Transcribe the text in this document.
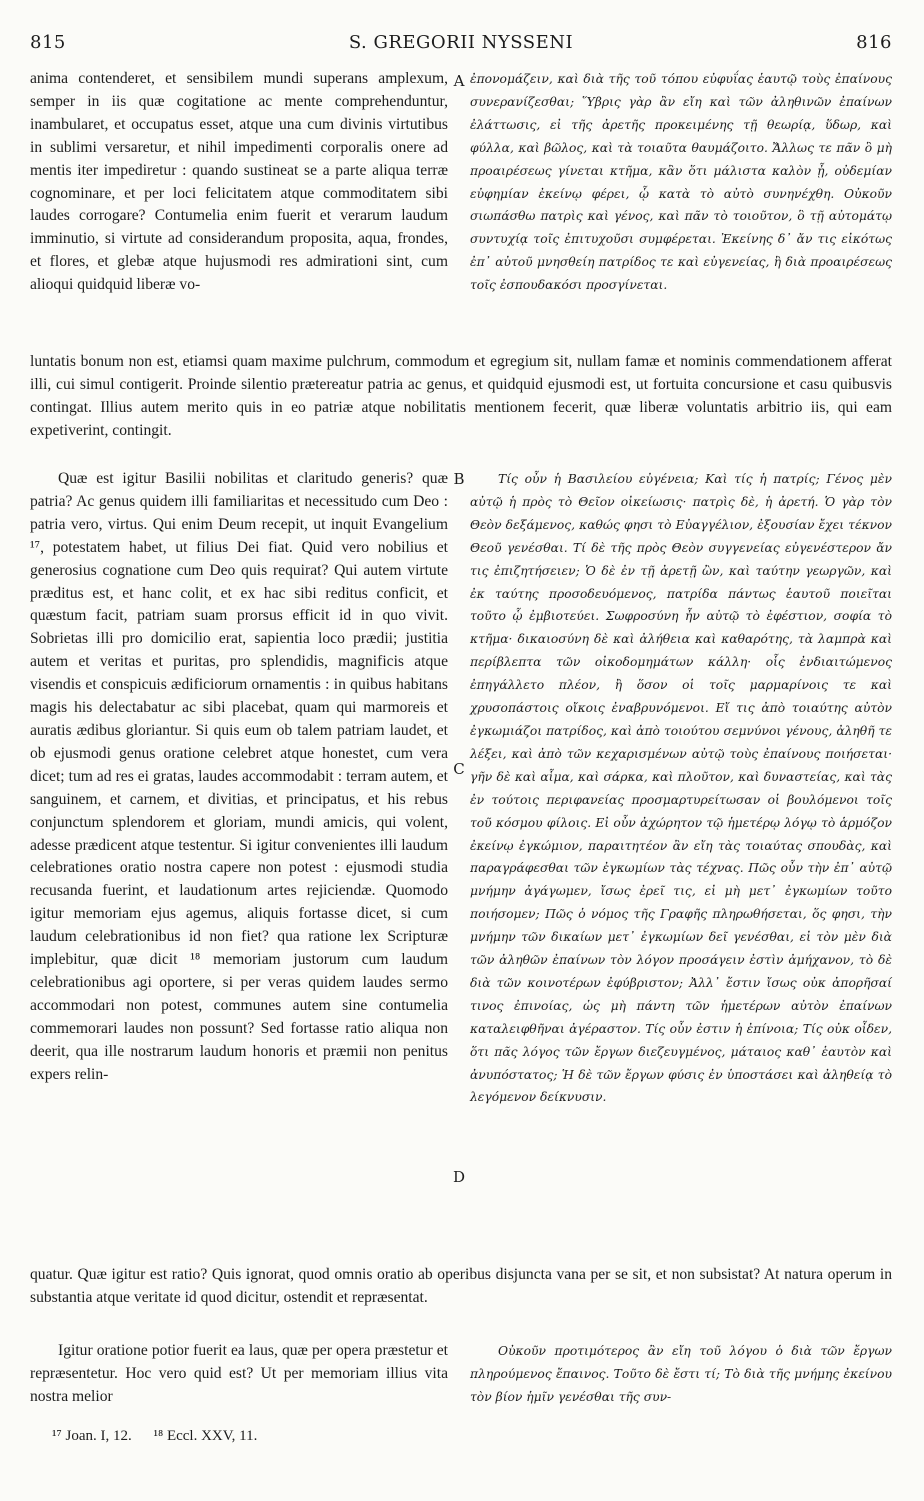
815	S. GREGORII NYSSENI	816

anima contenderet, et sensibilem mundi superans amplexum, semper in iis quæ cogitatione ac mente comprehenduntur, inambularet, et occupatus esset, atque una cum divinis virtutibus in sublimi versaretur, et nihil impedimenti corporalis onere ad mentis iter impediretur : quando sustineat se a parte aliqua terræ cognominare, et per loci felicitatem atque commoditatem sibi laudes corrogare? Contumelia enim fuerit et verarum laudum imminutio, si virtute ad considerandum proposita, aqua, frondes, et flores, et glebæ atque hujusmodi res admirationi sint, cum alioqui quidquid liberæ vo-

A ἐπονομάζειν, καὶ διὰ τῆς τοῦ τόπου εὐφυΐας ἑαυτῷ τοὺς ἐπαίνους συνερανίζεσθαι; Ὕβρις γὰρ ἂν εἴη καὶ τῶν ἀληθινῶν ἐπαίνων ἐλάττωσις, εἰ τῆς ἀρετῆς προκειμένης τῇ θεωρίᾳ, ὕδωρ, καὶ φύλλα, καὶ βῶλος, καὶ τὰ τοιαῦτα θαυμάζοιτο. Ἄλλως τε πᾶν ὃ μὴ προαιρέσεως γίνεται κτῆμα, κἂν ὅτι μάλιστα καλὸν ᾖ, οὐδεμίαν εὐφημίαν ἐκείνῳ φέρει, ᾧ κατὰ τὸ αὐτὸ συνηνέχθη. Οὐκοῦν σιωπάσθω πατρὶς καὶ γένος, καὶ πᾶν τὸ τοιοῦτον, ὃ τῇ αὐτομάτῳ συντυχίᾳ τοῖς ἐπιτυχοῦσι συμφέρεται. Ἐκείνης δ᾽ ἄν τις εἰκότως ἐπ᾽ αὐτοῦ μνησθείη πατρίδος τε καὶ εὐγενείας, ἣ διὰ προαιρέσεως τοῖς ἐσπουδακόσι προσγίνεται.

luntatis bonum non est, etiamsi quam maxime pulchrum, commodum et egregium sit, nullam famæ et nominis commendationem afferat illi, cui simul contigerit. Proinde silentio prætereatur patria ac genus, et quidquid ejusmodi est, ut fortuita concursione et casu quibusvis contingat. Illius autem merito quis in eo patriæ atque nobilitatis mentionem fecerit, quæ liberæ voluntatis arbitrio iis, qui eam expetiverint, contingit.

Quæ est igitur Basilii nobilitas et claritudo generis? quæ patria? Ac genus quidem illi familiaritas et necessitudo cum Deo : patria vero, virtus. Qui enim Deum recepit, ut inquit Evangelium ¹⁷, potestatem habet, ut filius Dei fiat. Quid vero nobilius et generosius cognatione cum Deo quis requirat? Qui autem virtute præditus est, et hanc colit, et ex hac sibi reditus conficit, et quæstum facit, patriam suam prorsus efficit id in quo vivit. Sobrietas illi pro domicilio erat, sapientia loco prædii; justitia autem et veritas et puritas, pro splendidis, magnificis atque visendis et conspicuis ædificiorum ornamentis : in quibus habitans magis his delectabatur ac sibi placebat, quam qui marmoreis et auratis ædibus gloriantur. Si quis eum ob talem patriam laudet, et ob ejusmodi genus oratione celebret atque honestet, cum vera dicet; tum ad res ei gratas, laudes accommodabit : terram autem, et sanguinem, et carnem, et divitias, et principatus, et his rebus conjunctum splendorem et gloriam, mundi amicis, qui volent, adesse prædicent atque testentur. Si igitur convenientes illi laudum celebrationes oratio nostra capere non potest : ejusmodi studia recusanda fuerint, et laudationum artes rejiciendæ. Quomodo igitur memoriam ejus agemus, aliquis fortasse dicet, si cum laudum celebrationibus id non fiet? qua ratione lex Scripturæ implebitur, quæ dicit ¹⁸ memoriam justorum cum laudum celebrationibus agi oportere, si per veras quidem laudes sermo accommodari non potest, communes autem sine contumelia commemorari laudes non possunt? Sed fortasse ratio aliqua non deerit, qua ille nostrarum laudum honoris et præmii non penitus expers relin-

B
C
D

Τίς οὖν ἡ Βασιλείου εὐγένεια; Καὶ τίς ἡ πατρίς; Γένος μὲν αὐτῷ ἡ πρὸς τὸ Θεῖον οἰκείωσις· πατρὶς δὲ, ἡ ἀρετή. Ὁ γὰρ τὸν Θεὸν δεξάμενος, καθώς φησι τὸ Εὐαγγέλιον, ἐξουσίαν ἔχει τέκνον Θεοῦ γενέσθαι. Τί δὲ τῆς πρὸς Θεὸν συγγενείας εὐγενέστερον ἄν τις ἐπιζητήσειεν; Ὁ δὲ ἐν τῇ ἀρετῇ ὢν, καὶ ταύτην γεωργῶν, καὶ ἐκ ταύτης προσοδευόμενος, πατρίδα πάντως ἑαυτοῦ ποιεῖται τοῦτο ᾧ ἐμβιοτεύει. Σωφροσύνη ἦν αὐτῷ τὸ ἐφέστιον, σοφία τὸ κτῆμα· δικαιοσύνη δὲ καὶ ἀλήθεια καὶ καθαρότης, τὰ λαμπρὰ καὶ περίβλεπτα τῶν οἰκοδομημάτων κάλλη· οἷς ἐνδιαιτώμενος ἐπηγάλλετο πλέον, ἢ ὅσον οἱ τοῖς μαρμαρίνοις τε καὶ χρυσοπάστοις οἴκοις ἐναβρυνόμενοι. Εἴ τις ἀπὸ τοιαύτης αὐτὸν ἐγκωμιάζοι πατρίδος, καὶ ἀπὸ τοιούτου σεμνύνοι γένους, ἀληθῆ τε λέξει, καὶ ἀπὸ τῶν κεχαρισμένων αὐτῷ τοὺς ἐπαίνους ποιήσεται· γῆν δὲ καὶ αἷμα, καὶ σάρκα, καὶ πλοῦτον, καὶ δυναστείας, καὶ τὰς ἐν τούτοις περιφανείας προσμαρτυρείτωσαν οἱ βουλόμενοι τοῖς τοῦ κόσμου φίλοις. Εἰ οὖν ἀχώρητον τῷ ἡμετέρῳ λόγῳ τὸ ἁρμόζον ἐκείνῳ ἐγκώμιον, παραιτητέον ἂν εἴη τὰς τοιαύτας σπουδὰς, καὶ παραγράφεσθαι τῶν ἐγκωμίων τὰς τέχνας. Πῶς οὖν τὴν ἐπ᾽ αὐτῷ μνήμην ἀγάγωμεν, ἴσως ἐρεῖ τις, εἰ μὴ μετ᾽ ἐγκωμίων τοῦτο ποιήσομεν; Πῶς ὁ νόμος τῆς Γραφῆς πληρωθήσεται, ὅς φησι, τὴν μνήμην τῶν δικαίων μετ᾽ ἐγκωμίων δεῖ γενέσθαι, εἰ τὸν μὲν διὰ τῶν ἀληθῶν ἐπαίνων τὸν λόγον προσάγειν ἐστὶν ἀμήχανον, τὸ δὲ διὰ τῶν κοινοτέρων ἐφύβριστον; Ἀλλ᾽ ἔστιν ἴσως οὐκ ἀπορῆσαί τινος ἐπινοίας, ὡς μὴ πάντη τῶν ἡμετέρων αὐτὸν ἐπαίνων καταλειφθῆναι ἀγέραστον. Τίς οὖν ἐστιν ἡ ἐπίνοια; Τίς οὐκ οἶδεν, ὅτι πᾶς λόγος τῶν ἔργων διεζευγμένος, μάταιος καθ᾽ ἑαυτὸν καὶ ἀνυπόστατος; Ἡ δὲ τῶν ἔργων φύσις ἐν ὑποστάσει καὶ ἀληθείᾳ τὸ λεγόμενον δείκνυσιν.

quatur. Quæ igitur est ratio? Quis ignorat, quod omnis oratio ab operibus disjuncta vana per se sit, et non subsistat? At natura operum in substantia atque veritate id quod dicitur, ostendit et repræsentat.

Igitur oratione potior fuerit ea laus, quæ per opera præstetur et repræsentetur. Hoc vero quid est? Ut per memoriam illius vita nostra melior

Οὐκοῦν προτιμότερος ἂν εἴη τοῦ λόγου ὁ διὰ τῶν ἔργων πληρούμενος ἔπαινος. Τοῦτο δὲ ἔστι τί; Τὸ διὰ τῆς μνήμης ἐκείνου τὸν βίον ἡμῖν γενέσθαι τῆς συν-

¹⁷ Joan. I, 12. ¹⁸ Eccl. XXV, 11.
